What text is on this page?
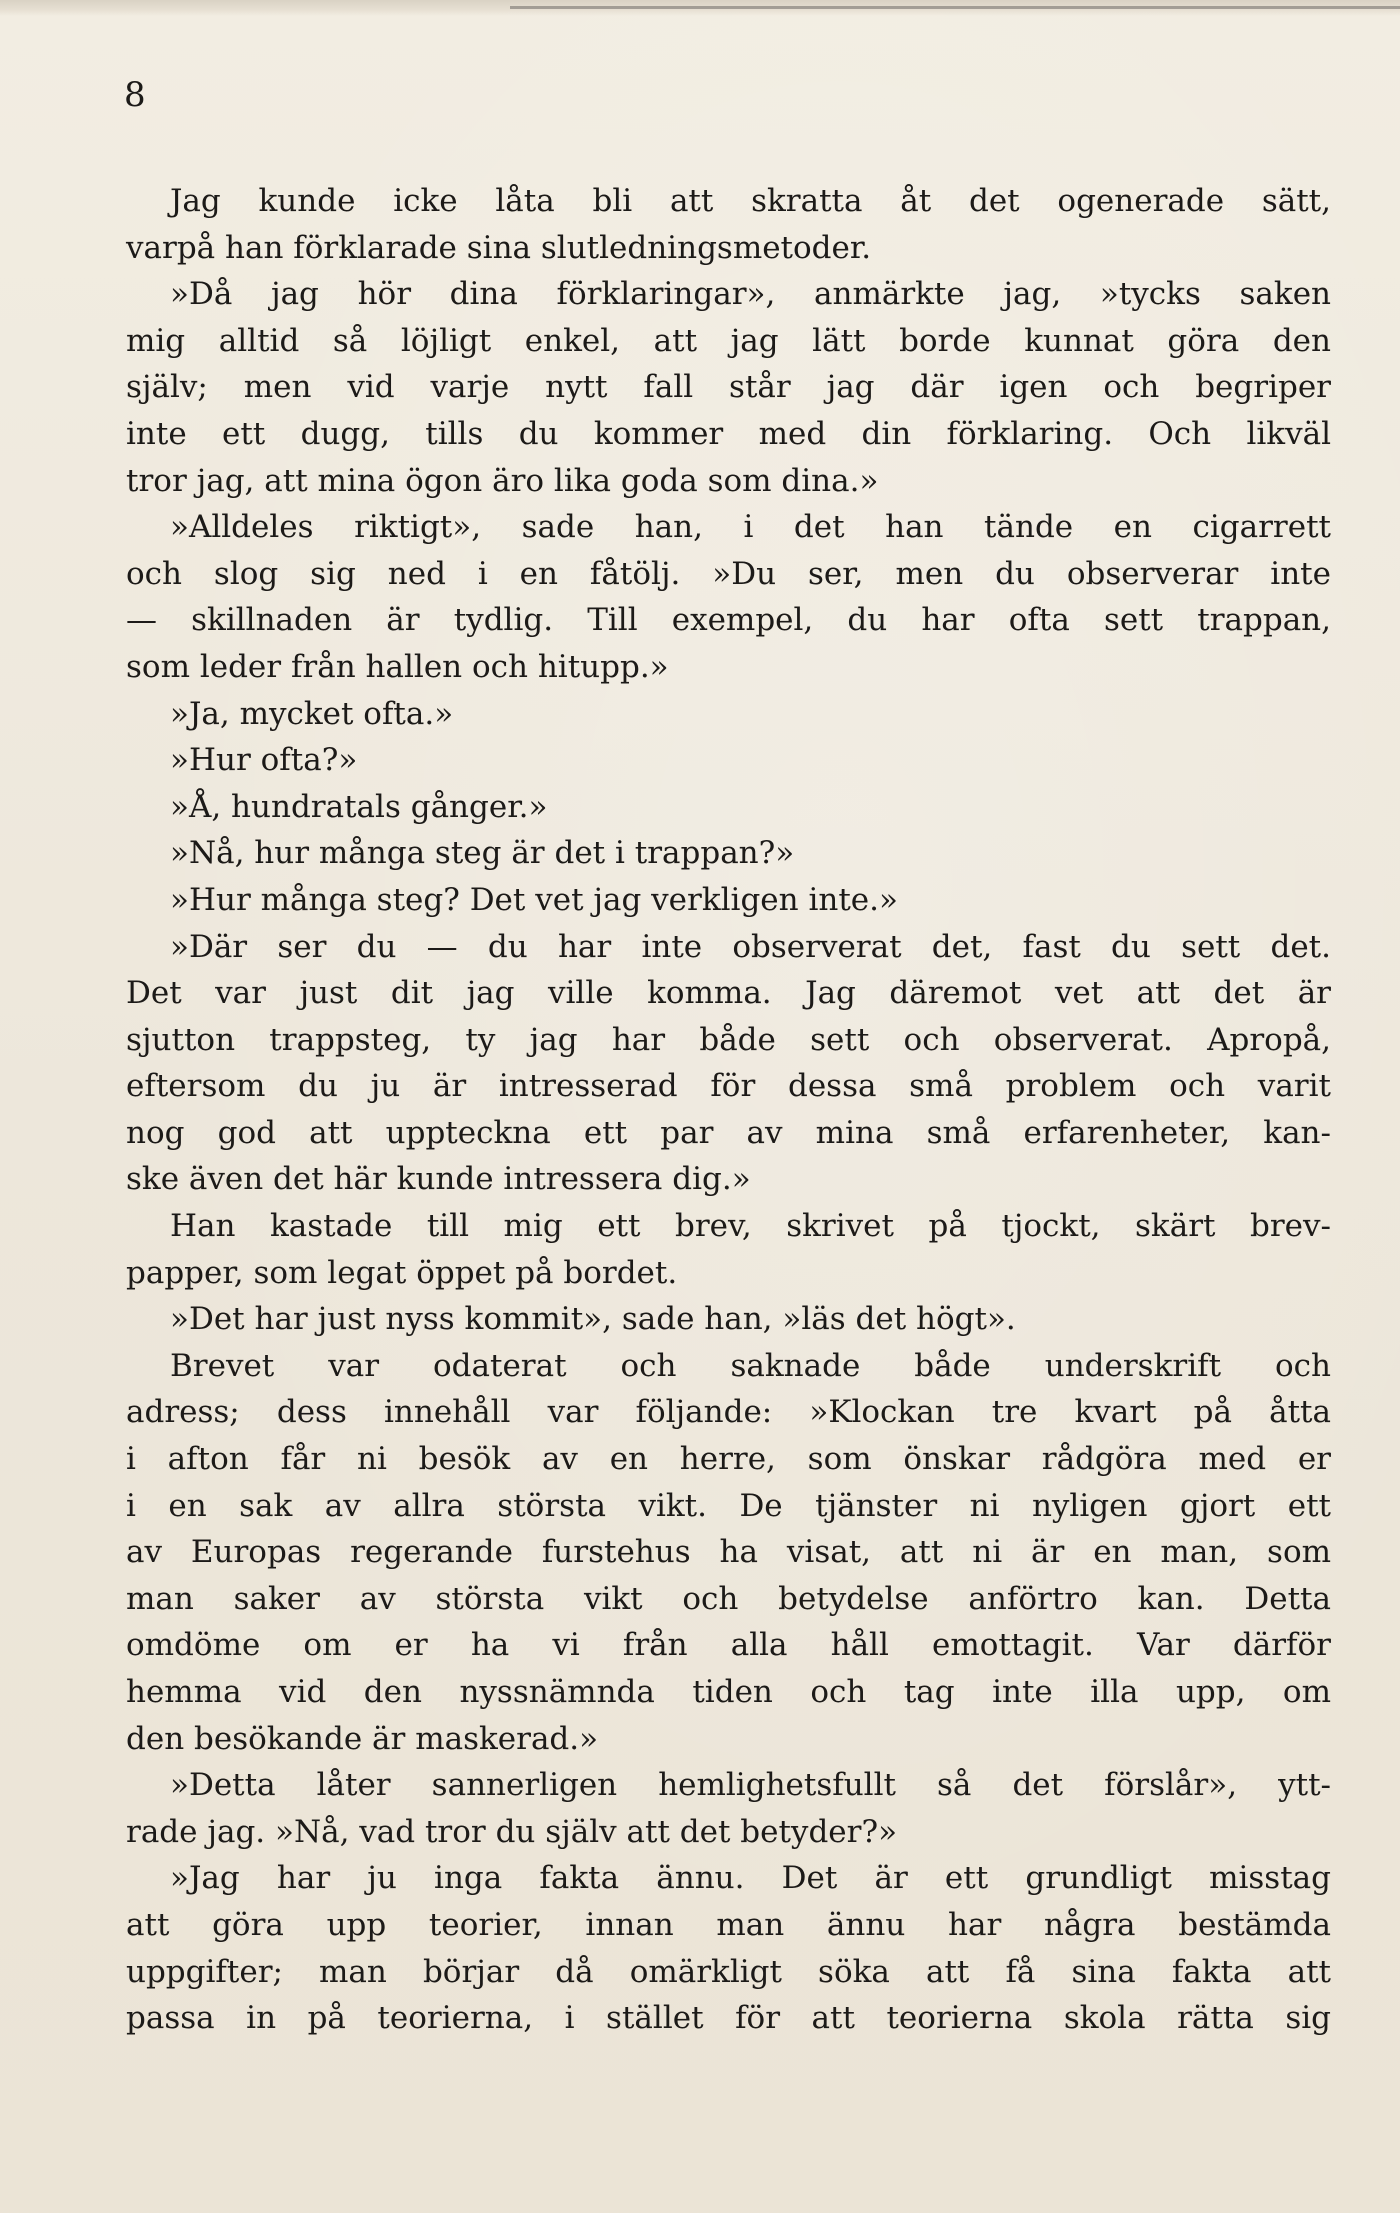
8
Jag kunde icke låta bli att skratta åt det ogenerade sätt,
varpå han förklarade sina slutledningsmetoder.
»Då jag hör dina förklaringar», anmärkte jag, »tycks saken
mig alltid så löjligt enkel, att jag lätt borde kunnat göra den
själv; men vid varje nytt fall står jag där igen och begriper
inte ett dugg, tills du kommer med din förklaring. Och likväl
tror jag, att mina ögon äro lika goda som dina.»
»Alldeles riktigt», sade han, i det han tände en cigarrett
och slog sig ned i en fåtölj. »Du ser, men du observerar inte
— skillnaden är tydlig. Till exempel, du har ofta sett trappan,
som leder från hallen och hitupp.»
»Ja, mycket ofta.»
»Hur ofta?»
»Å, hundratals gånger.»
»Nå, hur många steg är det i trappan?»
»Hur många steg? Det vet jag verkligen inte.»
»Där ser du — du har inte observerat det, fast du sett det.
Det var just dit jag ville komma. Jag däremot vet att det är
sjutton trappsteg, ty jag har både sett och observerat. Apropå,
eftersom du ju är intresserad för dessa små problem och varit
nog god att uppteckna ett par av mina små erfarenheter, kan-
ske även det här kunde intressera dig.»
Han kastade till mig ett brev, skrivet på tjockt, skärt brev-
papper, som legat öppet på bordet.
»Det har just nyss kommit», sade han, »läs det högt».
Brevet var odaterat och saknade både underskrift och
adress; dess innehåll var följande: »Klockan tre kvart på åtta
i afton får ni besök av en herre, som önskar rådgöra med er
i en sak av allra största vikt. De tjänster ni nyligen gjort ett
av Europas regerande furstehus ha visat, att ni är en man, som
man saker av största vikt och betydelse anförtro kan. Detta
omdöme om er ha vi från alla håll emottagit. Var därför
hemma vid den nyssnämnda tiden och tag inte illa upp, om
den besökande är maskerad.»
»Detta låter sannerligen hemlighetsfullt så det förslår», ytt-
rade jag. »Nå, vad tror du själv att det betyder?»
»Jag har ju inga fakta ännu. Det är ett grundligt misstag
att göra upp teorier, innan man ännu har några bestämda
uppgifter; man börjar då omärkligt söka att få sina fakta att
passa in på teorierna, i stället för att teorierna skola rätta sig
